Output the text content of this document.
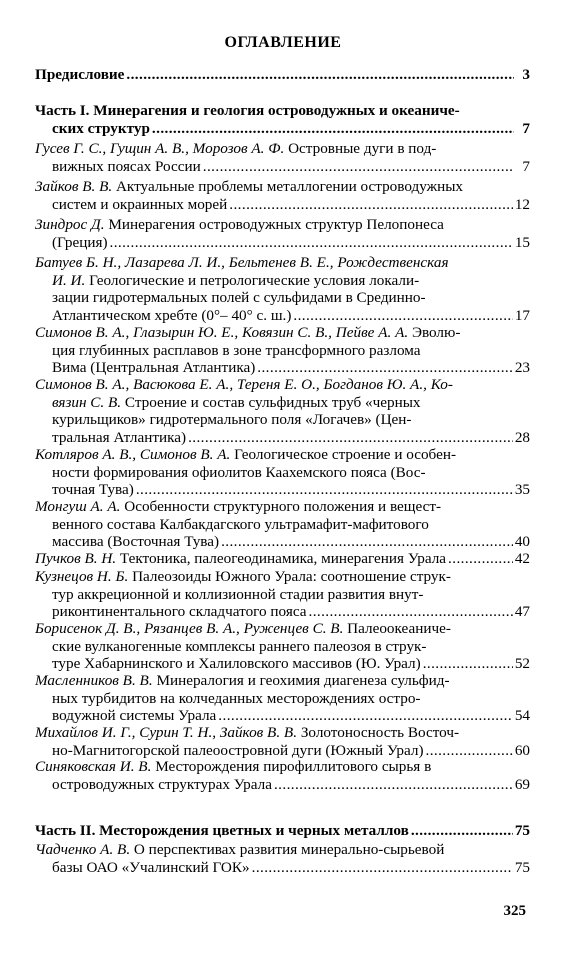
ОГЛАВЛЕНИЕ
Предисловие .....	3
Часть I. Минерагения и геология островодужных и океаниче-
ских структур .....	7
Гусев Г. С., Гущин А. В., Морозов А. Ф. Островные дуги в под-
вижных поясах России .....	7
Зайков В. В. Актуальные проблемы металлогении островодужных
систем и окраинных морей .....	12
Зиндрос Д. Минерагения островодужных структур Пелопонеса
(Греция) .....	15
Батуев Б. Н., Лазарева Л. И., Бельтенев В. Е., Рождественская
И. И. Геологические и петрологические условия локали-
зации гидротермальных полей с сульфидами в Срединно-
Атлантическом хребте (0°– 40° с. ш.) .....	17
Симонов В. А., Глазырин Ю. Е., Ковязин С. В., Пейве А. А. Эволю-
ция глубинных расплавов в зоне трансформного разлома
Вима (Центральная Атлантика) .....	23
Симонов В. А., Васюкова Е. А., Тереня Е. О., Богданов Ю. А., Ко-
вязин С. В. Строение и состав сульфидных труб «черных
курильщиков» гидротермального поля «Логачев» (Цен-
тральная Атлантика) .....	28
Котляров А. В., Симонов В. А. Геологическое строение и особен-
ности формирования офиолитов Каахемского пояса (Вос-
точная Тува) .....	35
Монгуш А. А. Особенности структурного положения и вещест-
венного состава Калбакдагского ультрамафит-мафитового
массива (Восточная Тува) .....	40
Пучков В. Н. Тектоника, палеогеодинамика, минерагения Урала .....	42
Кузнецов Н. Б. Палеозоиды Южного Урала: соотношение струк-
тур аккреционной и коллизионной стадии развития внут-
риконтинентального складчатого пояса .....	47
Борисенок Д. В., Рязанцев В. А., Руженцев С. В. Палеоокеаниче-
ские вулканогенные комплексы раннего палеозоя в струк-
туре Хабарнинского и Халиловского массивов (Ю. Урал) .....	52
Масленников В. В. Минералогия и геохимия диагенеза сульфид-
ных турбидитов на колчеданных месторождениях остро-
водужной системы Урала .....	54
Михайлов И. Г., Сурин Т. Н., Зайков В. В. Золотоносность Восточ-
но-Магнитогорской палеоостровной дуги (Южный Урал) .....	60
Синяковская И. В. Месторождения пирофиллитового сырья в
островодужных структурах Урала .....	69
Часть II. Месторождения цветных и черных металлов .....	75
Чадченко А. В. О перспективах развития минерально-сырьевой
базы ОАО «Учалинский ГОК» .....	75
325
